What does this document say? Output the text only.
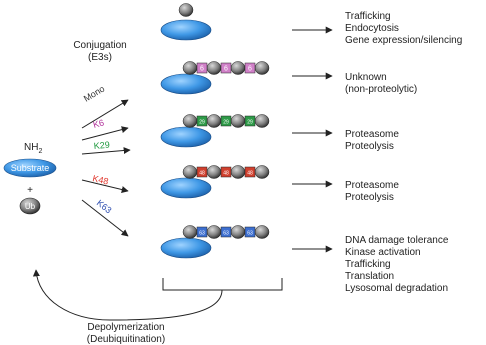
$NH_2$
Substrate
+
Ub
Conjugation
(E3s)
Mono
K6
K29
K48
K63
6	6	6
29	29	29
48	48	48
63	63	63
Trafficking
Endocytosis
Gene expression/silencing
Unknown
(non-proteolytic)
Proteasome
Proteolysis
Proteasome
Proteolysis
DNA damage tolerance
Kinase activation
Trafficking
Translation
Lysosomal degradation
Depolymerization
(Deubiquitination)
